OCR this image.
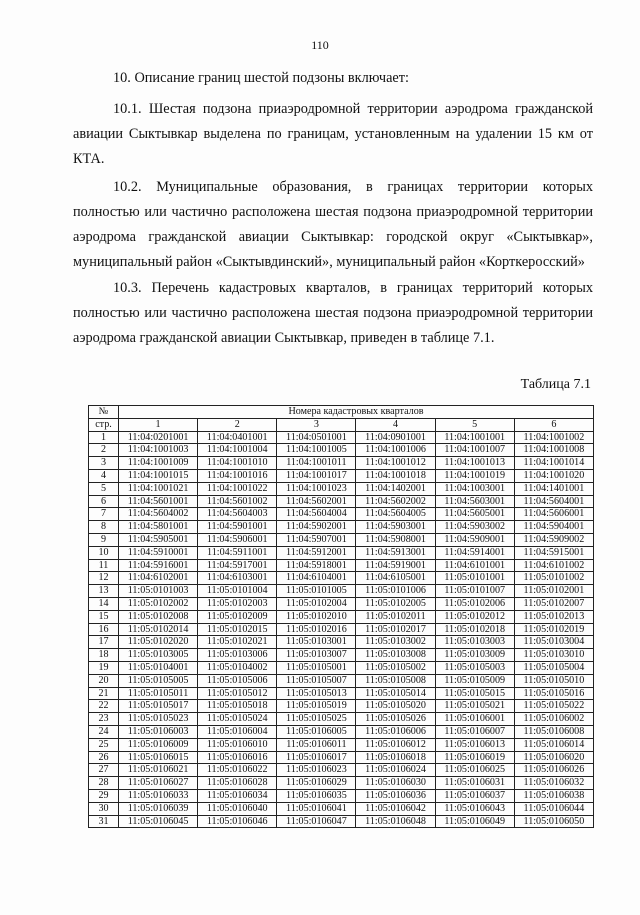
110

10. Описание границ шестой подзоны включает:

10.1. Шестая подзона приаэродромной территории аэродрома гражданской авиации Сыктывкар выделена по границам, установленным на удалении 15 км от КТА.

10.2. Муниципальные образования, в границах территории которых полностью или частично расположена шестая подзона приаэродромной территории аэродрома гражданской авиации Сыктывкар: городской округ «Сыктывкар», муниципальный район «Сыктывдинский», муниципальный район «Корткеросский»

10.3. Перечень кадастровых кварталов, в границах территорий которых полностью или частично расположена шестая подзона приаэродромной территории аэродрома гражданской авиации Сыктывкар, приведен в таблице 7.1.

Таблица 7.1
№	Номера кадастровых кварталов					
стр.	1	2	3	4	5	6
1	11:04:0201001	11:04:0401001	11:04:0501001	11:04:0901001	11:04:1001001	11:04:1001002
2	11:04:1001003	11:04:1001004	11:04:1001005	11:04:1001006	11:04:1001007	11:04:1001008
3	11:04:1001009	11:04:1001010	11:04:1001011	11:04:1001012	11:04:1001013	11:04:1001014
4	11:04:1001015	11:04:1001016	11:04:1001017	11:04:1001018	11:04:1001019	11:04:1001020
5	11:04:1001021	11:04:1001022	11:04:1001023	11:04:1402001	11:04:1003001	11:04:1401001
6	11:04:5601001	11:04:5601002	11:04:5602001	11:04:5602002	11:04:5603001	11:04:5604001
7	11:04:5604002	11:04:5604003	11:04:5604004	11:04:5604005	11:04:5605001	11:04:5606001
8	11:04:5801001	11:04:5901001	11:04:5902001	11:04:5903001	11:04:5903002	11:04:5904001
9	11:04:5905001	11:04:5906001	11:04:5907001	11:04:5908001	11:04:5909001	11:04:5909002
10	11:04:5910001	11:04:5911001	11:04:5912001	11:04:5913001	11:04:5914001	11:04:5915001
11	11:04:5916001	11:04:5917001	11:04:5918001	11:04:5919001	11:04:6101001	11:04:6101002
12	11:04:6102001	11:04:6103001	11:04:6104001	11:04:6105001	11:05:0101001	11:05:0101002
13	11:05:0101003	11:05:0101004	11:05:0101005	11:05:0101006	11:05:0101007	11:05:0102001
14	11:05:0102002	11:05:0102003	11:05:0102004	11:05:0102005	11:05:0102006	11:05:0102007
15	11:05:0102008	11:05:0102009	11:05:0102010	11:05:0102011	11:05:0102012	11:05:0102013
16	11:05:0102014	11:05:0102015	11:05:0102016	11:05:0102017	11:05:0102018	11:05:0102019
17	11:05:0102020	11:05:0102021	11:05:0103001	11:05:0103002	11:05:0103003	11:05:0103004
18	11:05:0103005	11:05:0103006	11:05:0103007	11:05:0103008	11:05:0103009	11:05:0103010
19	11:05:0104001	11:05:0104002	11:05:0105001	11:05:0105002	11:05:0105003	11:05:0105004
20	11:05:0105005	11:05:0105006	11:05:0105007	11:05:0105008	11:05:0105009	11:05:0105010
21	11:05:0105011	11:05:0105012	11:05:0105013	11:05:0105014	11:05:0105015	11:05:0105016
22	11:05:0105017	11:05:0105018	11:05:0105019	11:05:0105020	11:05:0105021	11:05:0105022
23	11:05:0105023	11:05:0105024	11:05:0105025	11:05:0105026	11:05:0106001	11:05:0106002
24	11:05:0106003	11:05:0106004	11:05:0106005	11:05:0106006	11:05:0106007	11:05:0106008
25	11:05:0106009	11:05:0106010	11:05:0106011	11:05:0106012	11:05:0106013	11:05:0106014
26	11:05:0106015	11:05:0106016	11:05:0106017	11:05:0106018	11:05:0106019	11:05:0106020
27	11:05:0106021	11:05:0106022	11:05:0106023	11:05:0106024	11:05:0106025	11:05:0106026
28	11:05:0106027	11:05:0106028	11:05:0106029	11:05:0106030	11:05:0106031	11:05:0106032
29	11:05:0106033	11:05:0106034	11:05:0106035	11:05:0106036	11:05:0106037	11:05:0106038
30	11:05:0106039	11:05:0106040	11:05:0106041	11:05:0106042	11:05:0106043	11:05:0106044
31	11:05:0106045	11:05:0106046	11:05:0106047	11:05:0106048	11:05:0106049	11:05:0106050
